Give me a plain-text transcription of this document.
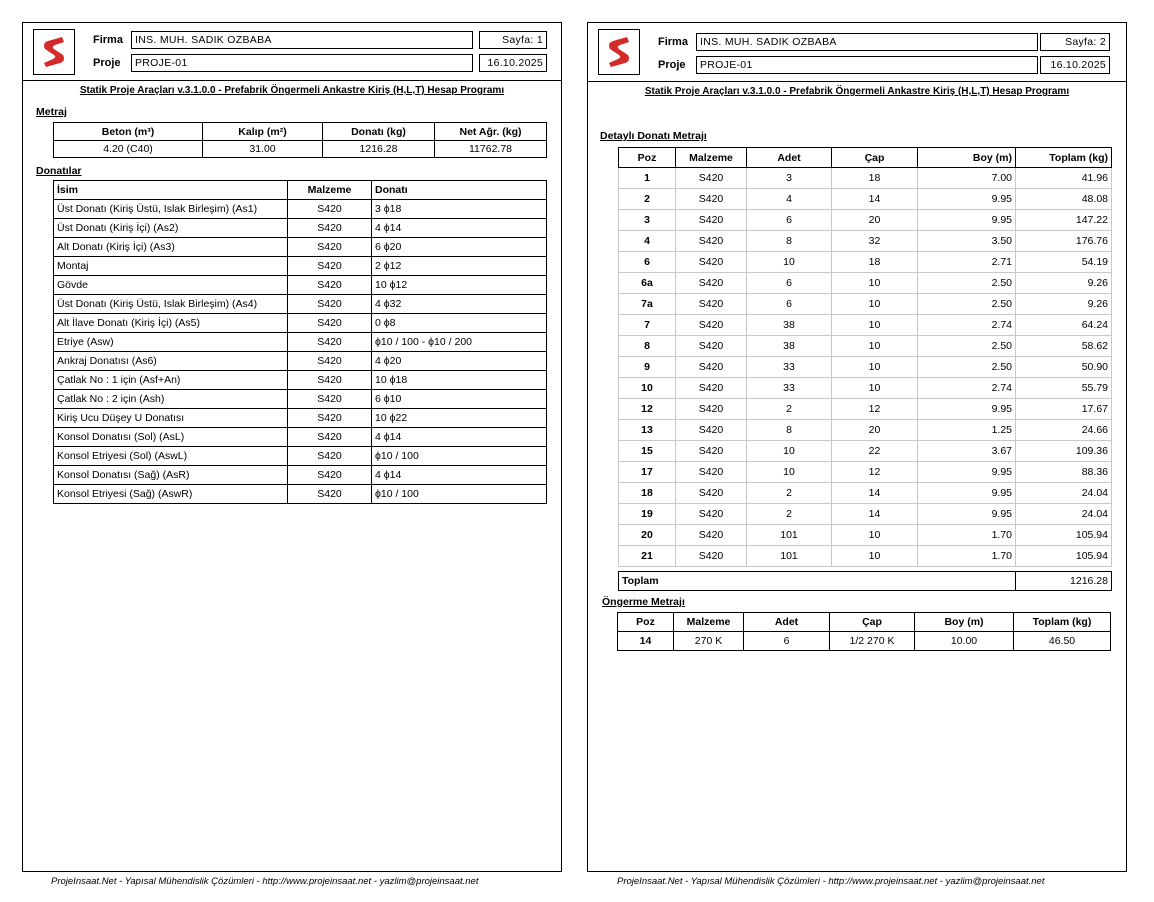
Firma	INS. MUH. SADIK OZBABA	Sayfa: 1
Proje	PROJE-01	16.10.2025
Statik Proje Araçları v.3.1.0.0 - Prefabrik Öngermeli Ankastre Kiriş (H,L,T) Hesap Programı
Metraj
Beton (m³)	Kalıp (m²)	Donatı (kg)	Net Ağr. (kg)
4.20 (C40)	31.00	1216.28	11762.78
Donatılar
İsim	Malzeme	Donatı
Üst Donatı (Kiriş Üstü, Islak Birleşim) (As1)	S420	3 ϕ18
Üst Donatı (Kiriş İçi) (As2)	S420	4 ϕ14
Alt Donatı (Kiriş İçi) (As3)	S420	6 ϕ20
Montaj	S420	2 ϕ12
Gövde	S420	10 ϕ12
Üst Donatı (Kiriş Üstü, Islak Birleşim) (As4)	S420	4 ϕ32
Alt İlave Donatı (Kiriş İçi) (As5)	S420	0 ϕ8
Etriye (Asw)	S420	ϕ10 / 100 - ϕ10 / 200
Ankraj Donatısı (As6)	S420	4 ϕ20
Çatlak No : 1 için (Asf+An)	S420	10 ϕ18
Çatlak No : 2 için (Ash)	S420	6 ϕ10
Kiriş Ucu Düşey U Donatısı	S420	10 ϕ22
Konsol Donatısı (Sol) (AsL)	S420	4 ϕ14
Konsol Etriyesi (Sol) (AswL)	S420	ϕ10 / 100
Konsol Donatısı (Sağ) (AsR)	S420	4 ϕ14
Konsol Etriyesi (Sağ) (AswR)	S420	ϕ10 / 100
ProjeInsaat.Net - Yapısal Mühendislik Çözümleri - http://www.projeinsaat.net - yazlim@projeinsaat.net
Firma	INS. MUH. SADIK OZBABA	Sayfa: 2
Proje	PROJE-01	16.10.2025
Statik Proje Araçları v.3.1.0.0 - Prefabrik Öngermeli Ankastre Kiriş (H,L,T) Hesap Programı
Detaylı Donatı Metrajı
Poz	Malzeme	Adet	Çap	Boy (m)	Toplam (kg)
1	S420	3	18	7.00	41.96
2	S420	4	14	9.95	48.08
3	S420	6	20	9.95	147.22
4	S420	8	32	3.50	176.76
6	S420	10	18	2.71	54.19
6a	S420	6	10	2.50	9.26
7a	S420	6	10	2.50	9.26
7	S420	38	10	2.74	64.24
8	S420	38	10	2.50	58.62
9	S420	33	10	2.50	50.90
10	S420	33	10	2.74	55.79
12	S420	2	12	9.95	17.67
13	S420	8	20	1.25	24.66
15	S420	10	22	3.67	109.36
17	S420	10	12	9.95	88.36
18	S420	2	14	9.95	24.04
19	S420	2	14	9.95	24.04
20	S420	101	10	1.70	105.94
21	S420	101	10	1.70	105.94
Toplam	1216.28
Öngerme Metrajı
Poz	Malzeme	Adet	Çap	Boy (m)	Toplam (kg)
14	270 K	6	1/2 270 K	10.00	46.50
ProjeInsaat.Net - Yapısal Mühendislik Çözümleri - http://www.projeinsaat.net - yazlim@projeinsaat.net
